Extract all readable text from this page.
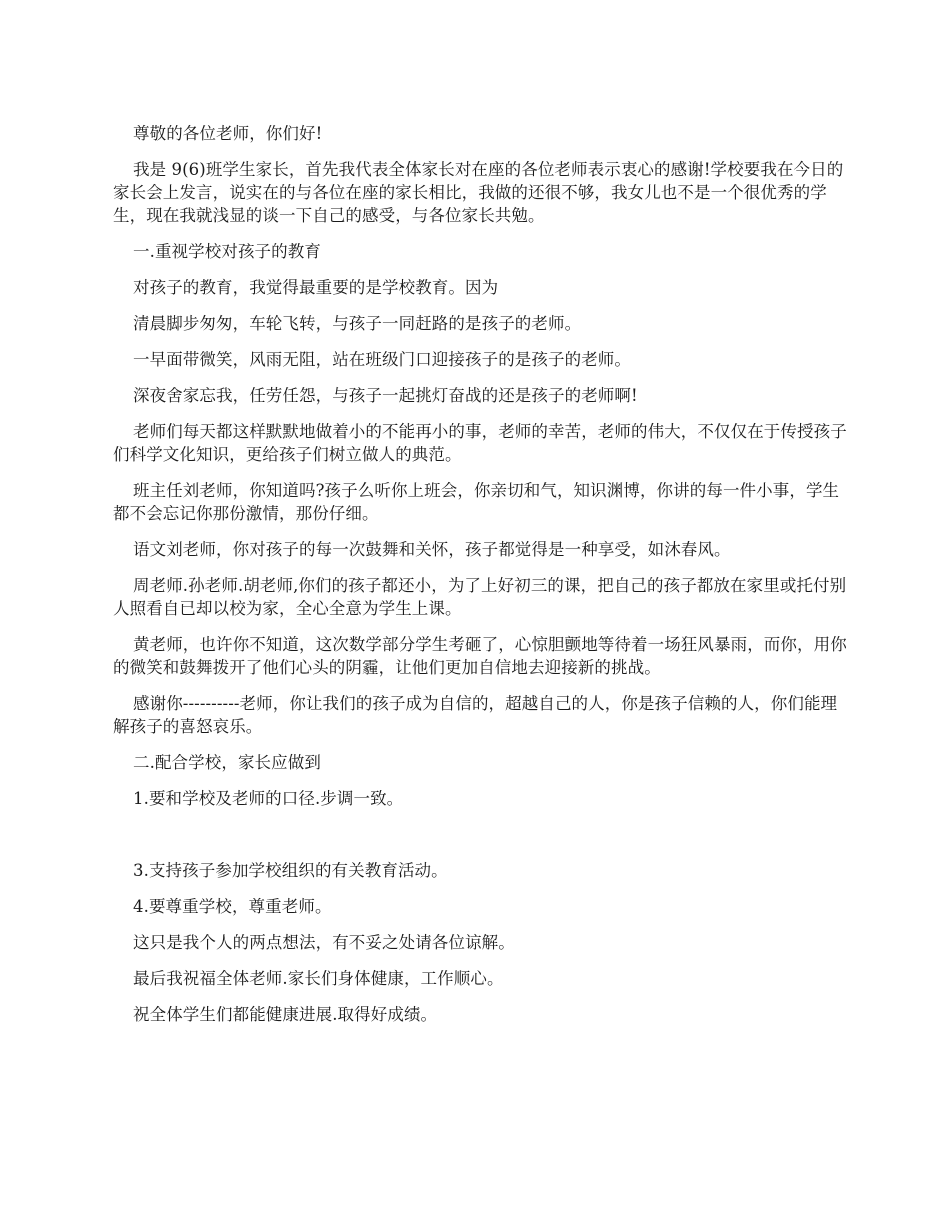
尊敬的各位老师，你们好!

我是 9(6)班学生家长，首先我代表全体家长对在座的各位老师表示衷心的感谢!学校要我在今日的家长会上发言，说实在的与各位在座的家长相比，我做的还很不够，我女儿也不是一个很优秀的学生，现在我就浅显的谈一下自己的感受，与各位家长共勉。

一.重视学校对孩子的教育

对孩子的教育，我觉得最重要的是学校教育。因为

清晨脚步匆匆，车轮飞转，与孩子一同赶路的是孩子的老师。

一早面带微笑，风雨无阻，站在班级门口迎接孩子的是孩子的老师。

深夜舍家忘我，任劳任怨，与孩子一起挑灯奋战的还是孩子的老师啊!

老师们每天都这样默默地做着小的不能再小的事，老师的幸苦，老师的伟大，不仅仅在于传授孩子们科学文化知识，更给孩子们树立做人的典范。

班主任刘老师，你知道吗?孩子么听你上班会，你亲切和气，知识渊博，你讲的每一件小事，学生都不会忘记你那份激情，那份仔细。

语文刘老师，你对孩子的每一次鼓舞和关怀，孩子都觉得是一种享受，如沐春风。

周老师.孙老师.胡老师,你们的孩子都还小，为了上好初三的课，把自己的孩子都放在家里或托付别人照看自已却以校为家，全心全意为学生上课。

黄老师，也许你不知道，这次数学部分学生考砸了，心惊胆颤地等待着一场狂风暴雨，而你，用你的微笑和鼓舞拨开了他们心头的阴霾，让他们更加自信地去迎接新的挑战。

感谢你----------老师，你让我们的孩子成为自信的，超越自己的人，你是孩子信赖的人，你们能理解孩子的喜怒哀乐。

二.配合学校，家长应做到

1.要和学校及老师的口径.步调一致。

3.支持孩子参加学校组织的有关教育活动。

4.要尊重学校，尊重老师。

这只是我个人的两点想法，有不妥之处请各位谅解。

最后我祝福全体老师.家长们身体健康，工作顺心。

祝全体学生们都能健康进展.取得好成绩。
